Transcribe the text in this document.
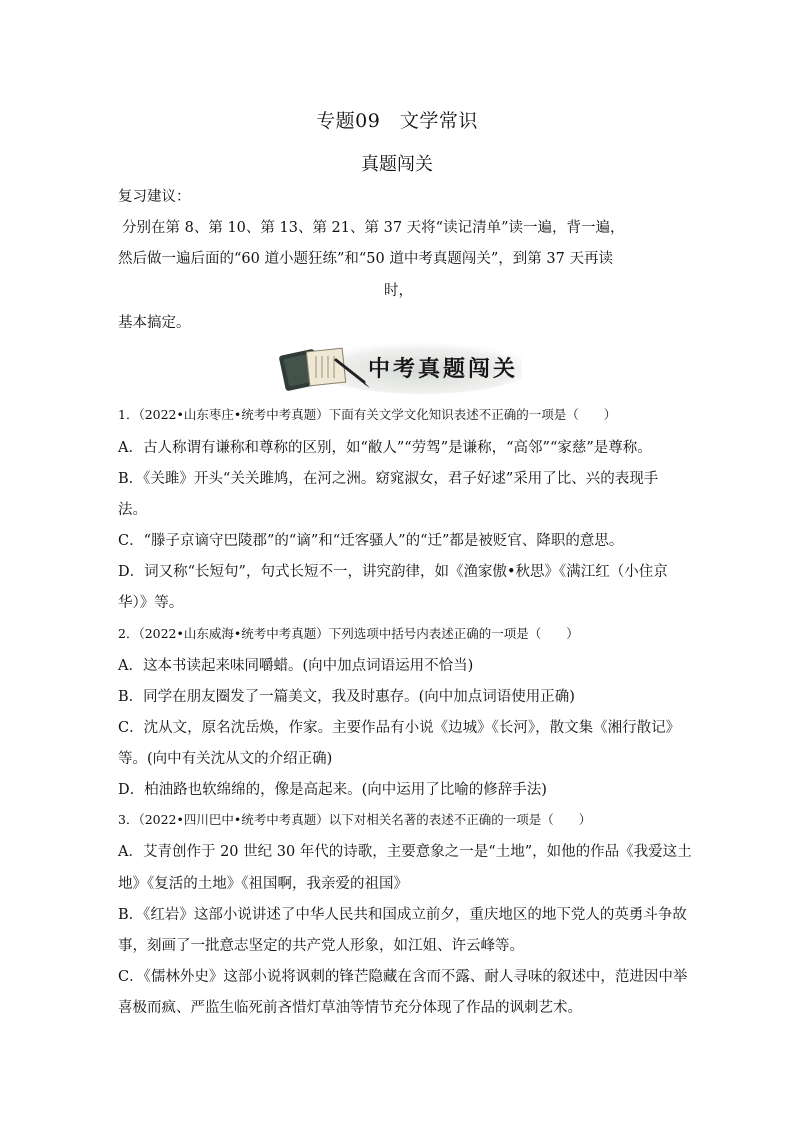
专题09　文学常识
真题闯关
复习建议：
分别在第 8、第 10、第 13、第 21、第 37 天将“读记清单”读一遍，背一遍，
然后做一遍后面的“60 道小题狂练”和“50 道中考真题闯关”，到第 37 天再读
时，
基本搞定。
中考真题闯关
1．（2022•山东枣庄•统考中考真题）下面有关文学文化知识表述不正确的一项是（　　）
A．古人称谓有谦称和尊称的区别，如“敝人”“劳驾”是谦称，“高邻”“家慈”是尊称。
B．《关雎》开头“关关雎鸠，在河之洲。窈窕淑女，君子好逑”采用了比、兴的表现手
法。
C．“滕子京谪守巴陵郡”的“谪”和“迁客骚人”的“迁”都是被贬官、降职的意思。
D．词又称“长短句”，句式长短不一，讲究韵律，如《渔家傲•秋思》《满江红（小住京
华）》等。
2．（2022•山东威海•统考中考真题）下列选项中括号内表述正确的一项是（　　）
A．这本书读起来味同嚼蜡。(向中加点词语运用不恰当)
B．同学在朋友圈发了一篇美文，我及时惠存。(向中加点词语使用正确)
C．沈从文，原名沈岳焕，作家。主要作品有小说《边城》《长河》，散文集《湘行散记》
等。(向中有关沈从文的介绍正确)
D．柏油路也软绵绵的，像是高起来。(向中运用了比喻的修辞手法)
3．（2022•四川巴中•统考中考真题）以下对相关名著的表述不正确的一项是（　　）
A．艾青创作于 20 世纪 30 年代的诗歌，主要意象之一是“土地”，如他的作品《我爱这土
地》《复活的土地》《祖国啊，我亲爱的祖国》
B．《红岩》这部小说讲述了中华人民共和国成立前夕，重庆地区的地下党人的英勇斗争故
事，刻画了一批意志坚定的共产党人形象，如江姐、许云峰等。
C．《儒林外史》这部小说将讽刺的锋芒隐藏在含而不露、耐人寻味的叙述中，范进因中举
喜极而疯、严监生临死前吝惜灯草油等情节充分体现了作品的讽刺艺术。
